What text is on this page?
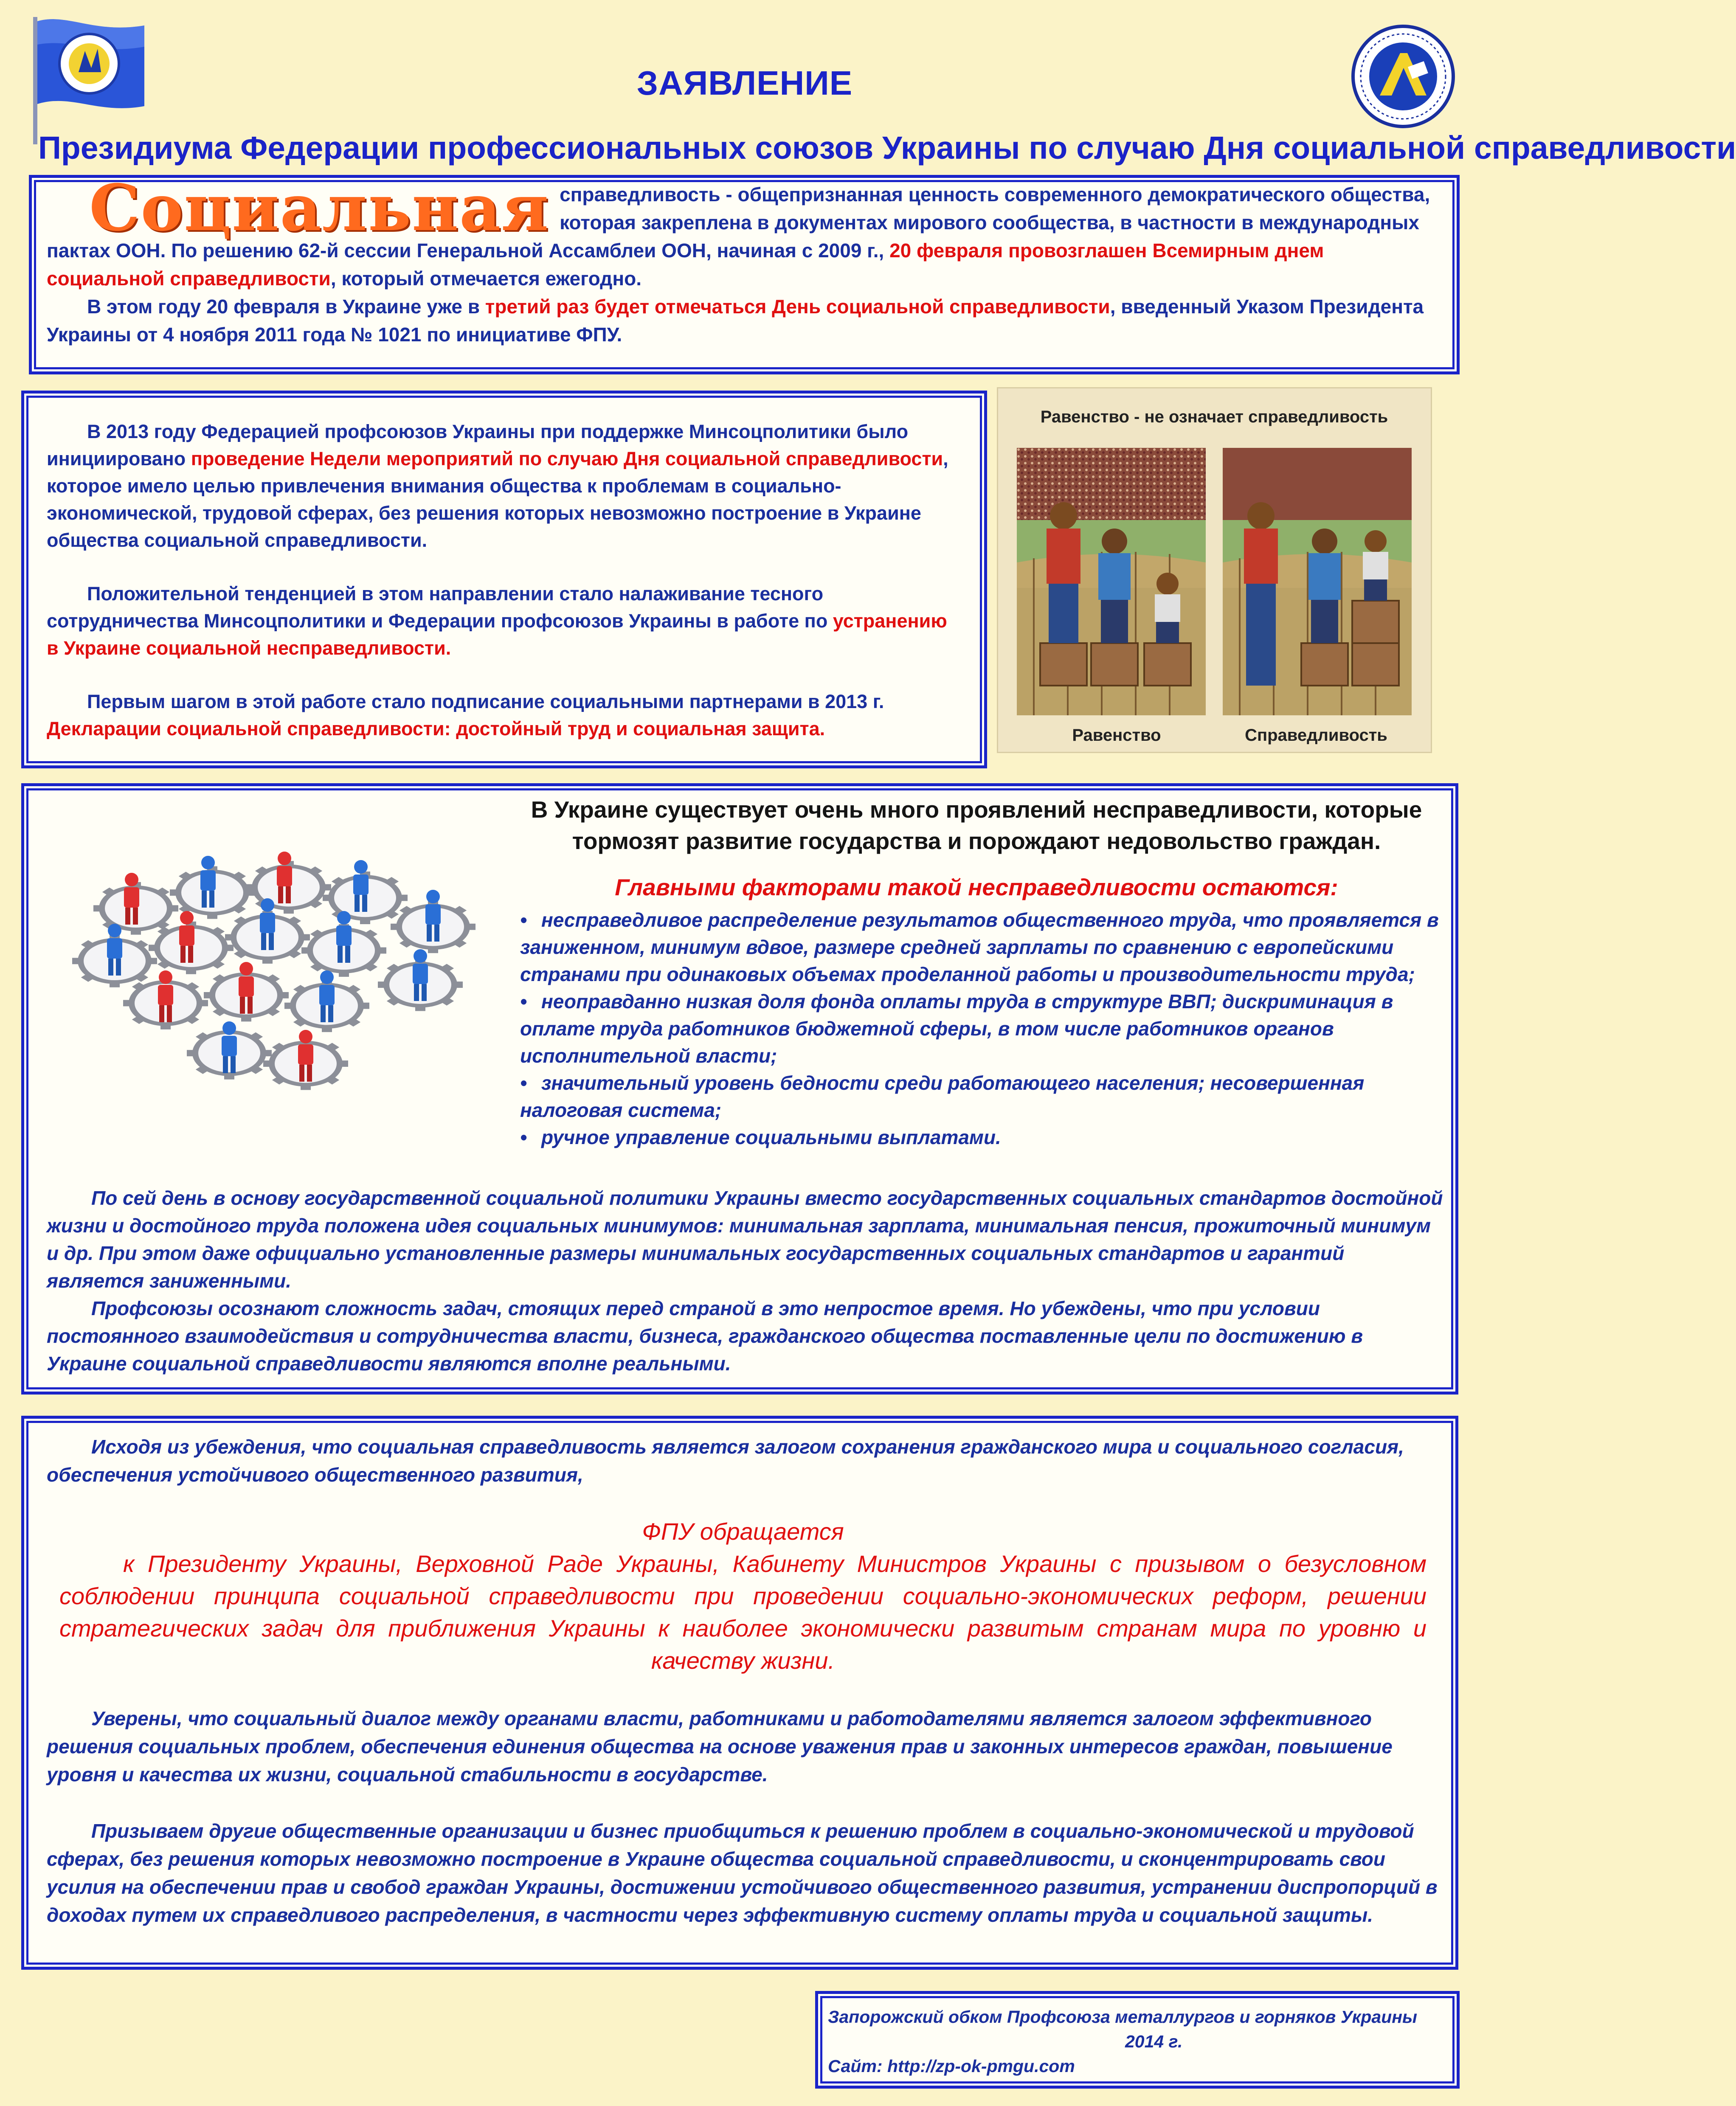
ЗАЯВЛЕНИЕ
Президиума Федерации профессиональных союзов Украины по случаю Дня социальной справедливости
Социальная справедливость - общепризнанная ценность современного демократического общества, которая закреплена в документах мирового сообщества, в частности в международных пактах ООН. По решению 62-й сессии Генеральной Ассамблеи ООН, начиная с 2009 г., 20 февраля провозглашен Всемирным днем социальной справедливости, который отмечается ежегодно.
В этом году 20 февраля в Украине уже в третий раз будет отмечаться День социальной справедливости, введенный Указом Президента Украины от 4 ноября 2011 года № 1021 по инициативе ФПУ.

В 2013 году Федерацией профсоюзов Украины при поддержке Минсоцполитики было инициировано проведение Недели мероприятий по случаю Дня социальной справедливости, которое имело целью привлечения внимания общества к проблемам в социально-экономической, трудовой сферах, без решения которых невозможно построение в Украине общества социальной справедливости.

Положительной тенденцией в этом направлении стало налаживание тесного сотрудничества Минсоцполитики и Федерации профсоюзов Украины в работе по устранению в Украине социальной несправедливости.

Первым шагом в этой работе стало подписание социальными партнерами в 2013 г. Декларации социальной справедливости: достойный труд и социальная защита.

Равенство - не означает справедливость
Равенство	Справедливость
В Украине существует очень много проявлений несправедливости, которые
тормозят развитие государства и порождают недовольство граждан.
Главными факторами такой несправедливости остаются:
• несправедливое распределение результатов общественного труда, что проявляется в заниженном, минимум вдвое, размере средней зарплаты по сравнению с европейскими странами при одинаковых объемах проделанной работы и производительности труда;
• неоправданно низкая доля фонда оплаты труда в структуре ВВП; дискриминация в оплате труда работников бюджетной сферы, в том числе работников органов исполнительной власти;
• значительный уровень бедности среди работающего населения; несовершенная налоговая система;
• ручное управление социальными выплатами.

По сей день в основу государственной социальной политики Украины вместо государственных социальных стандартов достойной жизни и достойного труда положена идея социальных минимумов: минимальная зарплата, минимальная пенсия, прожиточный минимум и др. При этом даже официально установленные размеры минимальных государственных социальных стандартов и гарантий является заниженными.

Профсоюзы осознают сложность задач, стоящих перед страной в это непростое время. Но убеждены, что при условии постоянного взаимодействия и сотрудничества власти, бизнеса, гражданского общества поставленные цели по достижению в Украине социальной справедливости являются вполне реальными.

Исходя из убеждения, что социальная справедливость является залогом сохранения гражданского мира и социального согласия, обеспечения устойчивого общественного развития,

ФПУ обращается
к Президенту Украины, Верховной Раде Украины, Кабинету Министров Украины с призывом о безусловном соблюдении принципа социальной справедливости при проведении социально-экономических реформ, решении стратегических задач для приближения Украины к наиболее экономически развитым странам мира по уровню и качеству жизни.

Уверены, что социальный диалог между органами власти, работниками и работодателями является залогом эффективного решения социальных проблем, обеспечения единения общества на основе уважения прав и законных интересов граждан, повышение уровня и качества их жизни, социальной стабильности в государстве.

Призываем другие общественные организации и бизнес приобщиться к решению проблем в социально-экономической и трудовой сферах, без решения которых невозможно построение в Украине общества социальной справедливости, и сконцентрировать свои усилия на обеспечении прав и свобод граждан Украины, достижении устойчивого общественного развития, устранении диспропорций в доходах путем их справедливого распределения, в частности через эффективную систему оплаты труда и социальной защиты.

Запорожский обком Профсоюза металлургов и горняков Украины
2014 г.
Сайт: http://zp-ok-pmgu.com
